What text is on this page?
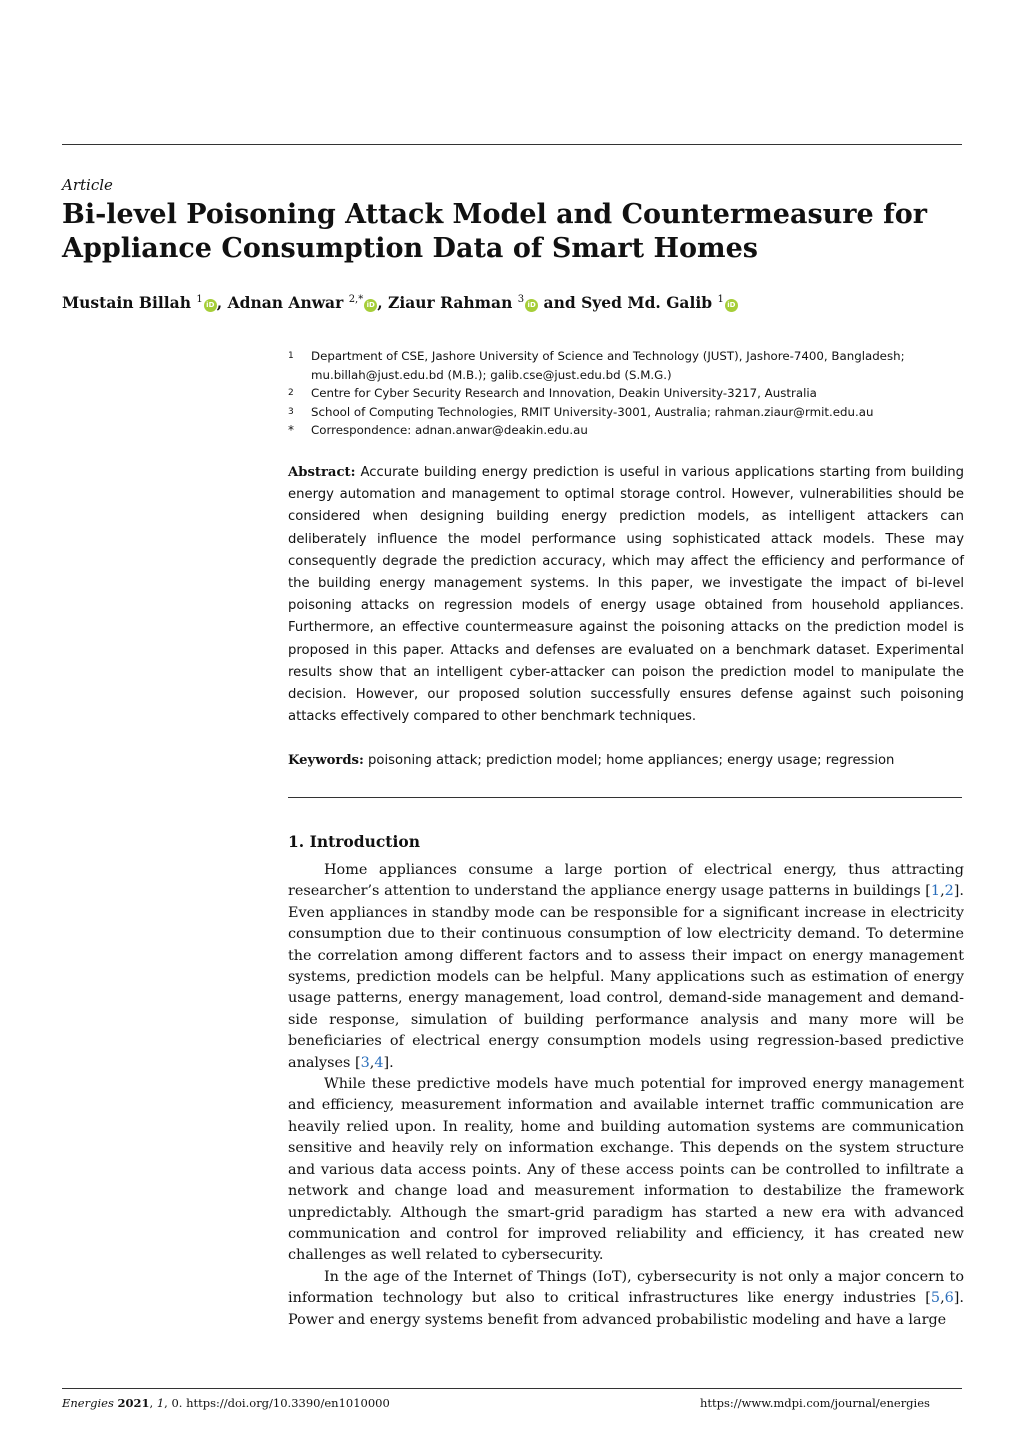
Article
Bi-level Poisoning Attack Model and Countermeasure for Appliance Consumption Data of Smart Homes
Mustain Billah $^1$ iD , Adnan Anwar $^{2,*}$ iD , Ziaur Rahman $^3$ iD and Syed Md. Galib $^1$ iD
1	Department of CSE, Jashore University of Science and Technology (JUST), Jashore-7400, Bangladesh; mu.billah@just.edu.bd (M.B.); galib.cse@just.edu.bd (S.M.G.)
2	Centre for Cyber Security Research and Innovation, Deakin University-3217, Australia
3	School of Computing Technologies, RMIT University-3001, Australia; rahman.ziaur@rmit.edu.au
*	Correspondence: adnan.anwar@deakin.edu.au

Abstract: Accurate building energy prediction is useful in various applications starting from building energy automation and management to optimal storage control. However, vulnerabilities should be considered when designing building energy prediction models, as intelligent attackers can deliberately influence the model performance using sophisticated attack models. These may consequently degrade the prediction accuracy, which may affect the efficiency and performance of the building energy management systems. In this paper, we investigate the impact of bi-level poisoning attacks on regression models of energy usage obtained from household appliances. Furthermore, an effective countermeasure against the poisoning attacks on the prediction model is proposed in this paper. Attacks and defenses are evaluated on a benchmark dataset. Experimental results show that an intelligent cyber-attacker can poison the prediction model to manipulate the decision. However, our proposed solution successfully ensures defense against such poisoning attacks effectively compared to other benchmark techniques.

Keywords: poisoning attack; prediction model; home appliances; energy usage; regression

1. Introduction

Home appliances consume a large portion of electrical energy, thus attracting researcher’s attention to understand the appliance energy usage patterns in buildings [1,2]. Even appliances in standby mode can be responsible for a significant increase in electricity consumption due to their continuous consumption of low electricity demand. To determine the correlation among different factors and to assess their impact on energy management systems, prediction models can be helpful. Many applications such as estimation of energy usage patterns, energy management, load control, demand-side management and demand-side response, simulation of building performance analysis and many more will be beneficiaries of electrical energy consumption models using regression-based predictive analyses [3,4].

While these predictive models have much potential for improved energy management and efficiency, measurement information and available internet traffic communication are heavily relied upon. In reality, home and building automation systems are communication sensitive and heavily rely on information exchange. This depends on the system structure and various data access points. Any of these access points can be controlled to infiltrate a network and change load and measurement information to destabilize the framework unpredictably. Although the smart-grid paradigm has started a new era with advanced communication and control for improved reliability and efficiency, it has created new challenges as well related to cybersecurity.

In the age of the Internet of Things (IoT), cybersecurity is not only a major concern to information technology but also to critical infrastructures like energy industries [5,6]. Power and energy systems benefit from advanced probabilistic modeling and have a large

Energies 2021, 1, 0. https://doi.org/10.3390/en1010000	https://www.mdpi.com/journal/energies
